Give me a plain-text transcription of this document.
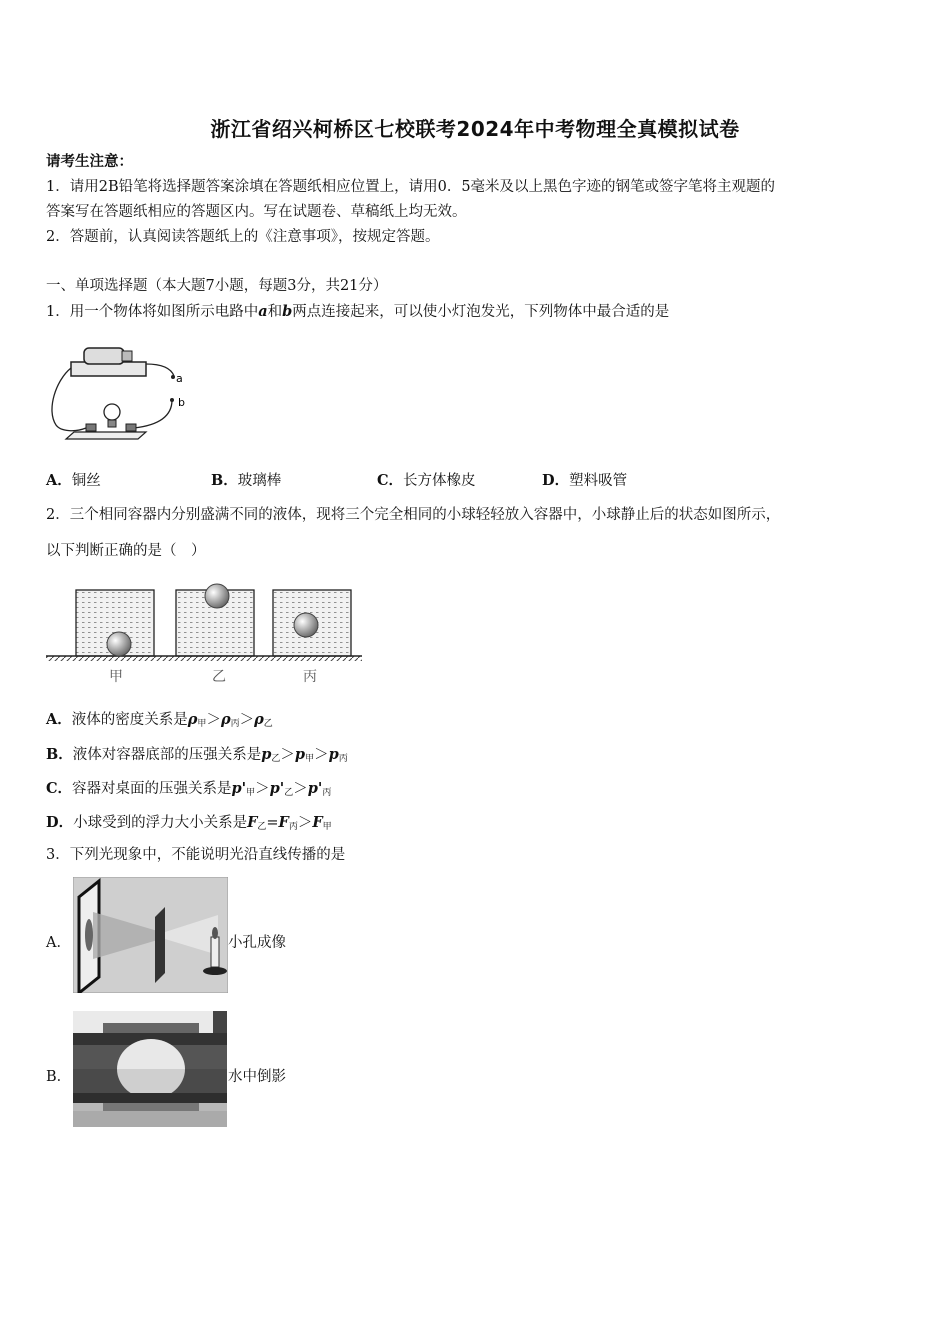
浙江省绍兴柯桥区七校联考2024年中考物理全真模拟试卷
请考生注意：
1．请用2B铅笔将选择题答案涂填在答题纸相应位置上，请用0．5毫米及以上黑色字迹的钢笔或签字笔将主观题的
答案写在答题纸相应的答题区内。写在试题卷、草稿纸上均无效。
2．答题前，认真阅读答题纸上的《注意事项》，按规定答题。
一、单项选择题（本大题7小题，每题3分，共21分）
1．用一个物体将如图所示电路中a和b两点连接起来，可以使小灯泡发光，下列物体中最合适的是
a
b
A．铜丝	B．玻璃棒	C．长方体橡皮	D．塑料吸管
2．三个相同容器内分别盛满不同的液体，现将三个完全相同的小球轻轻放入容器中，小球静止后的状态如图所示，
以下判断正确的是（　）
甲	乙	丙
A．液体的密度关系是$\rho_甲>\rho_丙>\rho_乙$
B．液体对容器底部的压强关系是$p_乙>p_甲>p_丙$
C．容器对桌面的压强关系是$p'_甲>p'_乙>p'_丙$
D．小球受到的浮力大小关系是$F_乙=F_丙>F_甲$
3．下列光现象中，不能说明光沿直线传播的是
A．	小孔成像
B．	水中倒影
